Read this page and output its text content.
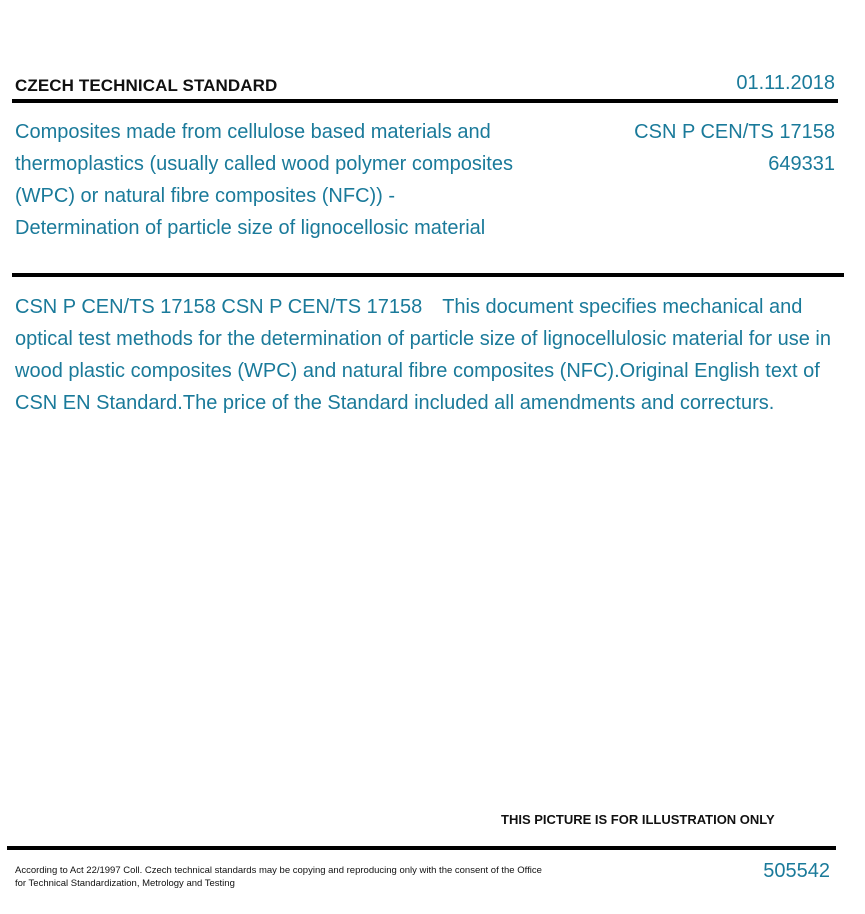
CZECH TECHNICAL STANDARD	01.11.2018
Composites made from cellulose based materials and thermoplastics (usually called wood polymer composites (WPC) or natural fibre composites (NFC)) - Determination of particle size of lignocellosic material
CSN P CEN/TS 17158
649331
CSN P CEN/TS 17158 CSN P CEN/TS 17158 This document specifies mechanical and optical test methods for the determination of particle size of lignocellulosic material for use in wood plastic composites (WPC) and natural fibre composites (NFC).Original English text of CSN EN Standard.The price of the Standard included all amendments and correcturs.
THIS PICTURE IS FOR ILLUSTRATION ONLY
According to Act 22/1997 Coll. Czech technical standards may be copying and reproducing only with the consent of the Office
for Technical Standardization, Metrology and Testing
505542
